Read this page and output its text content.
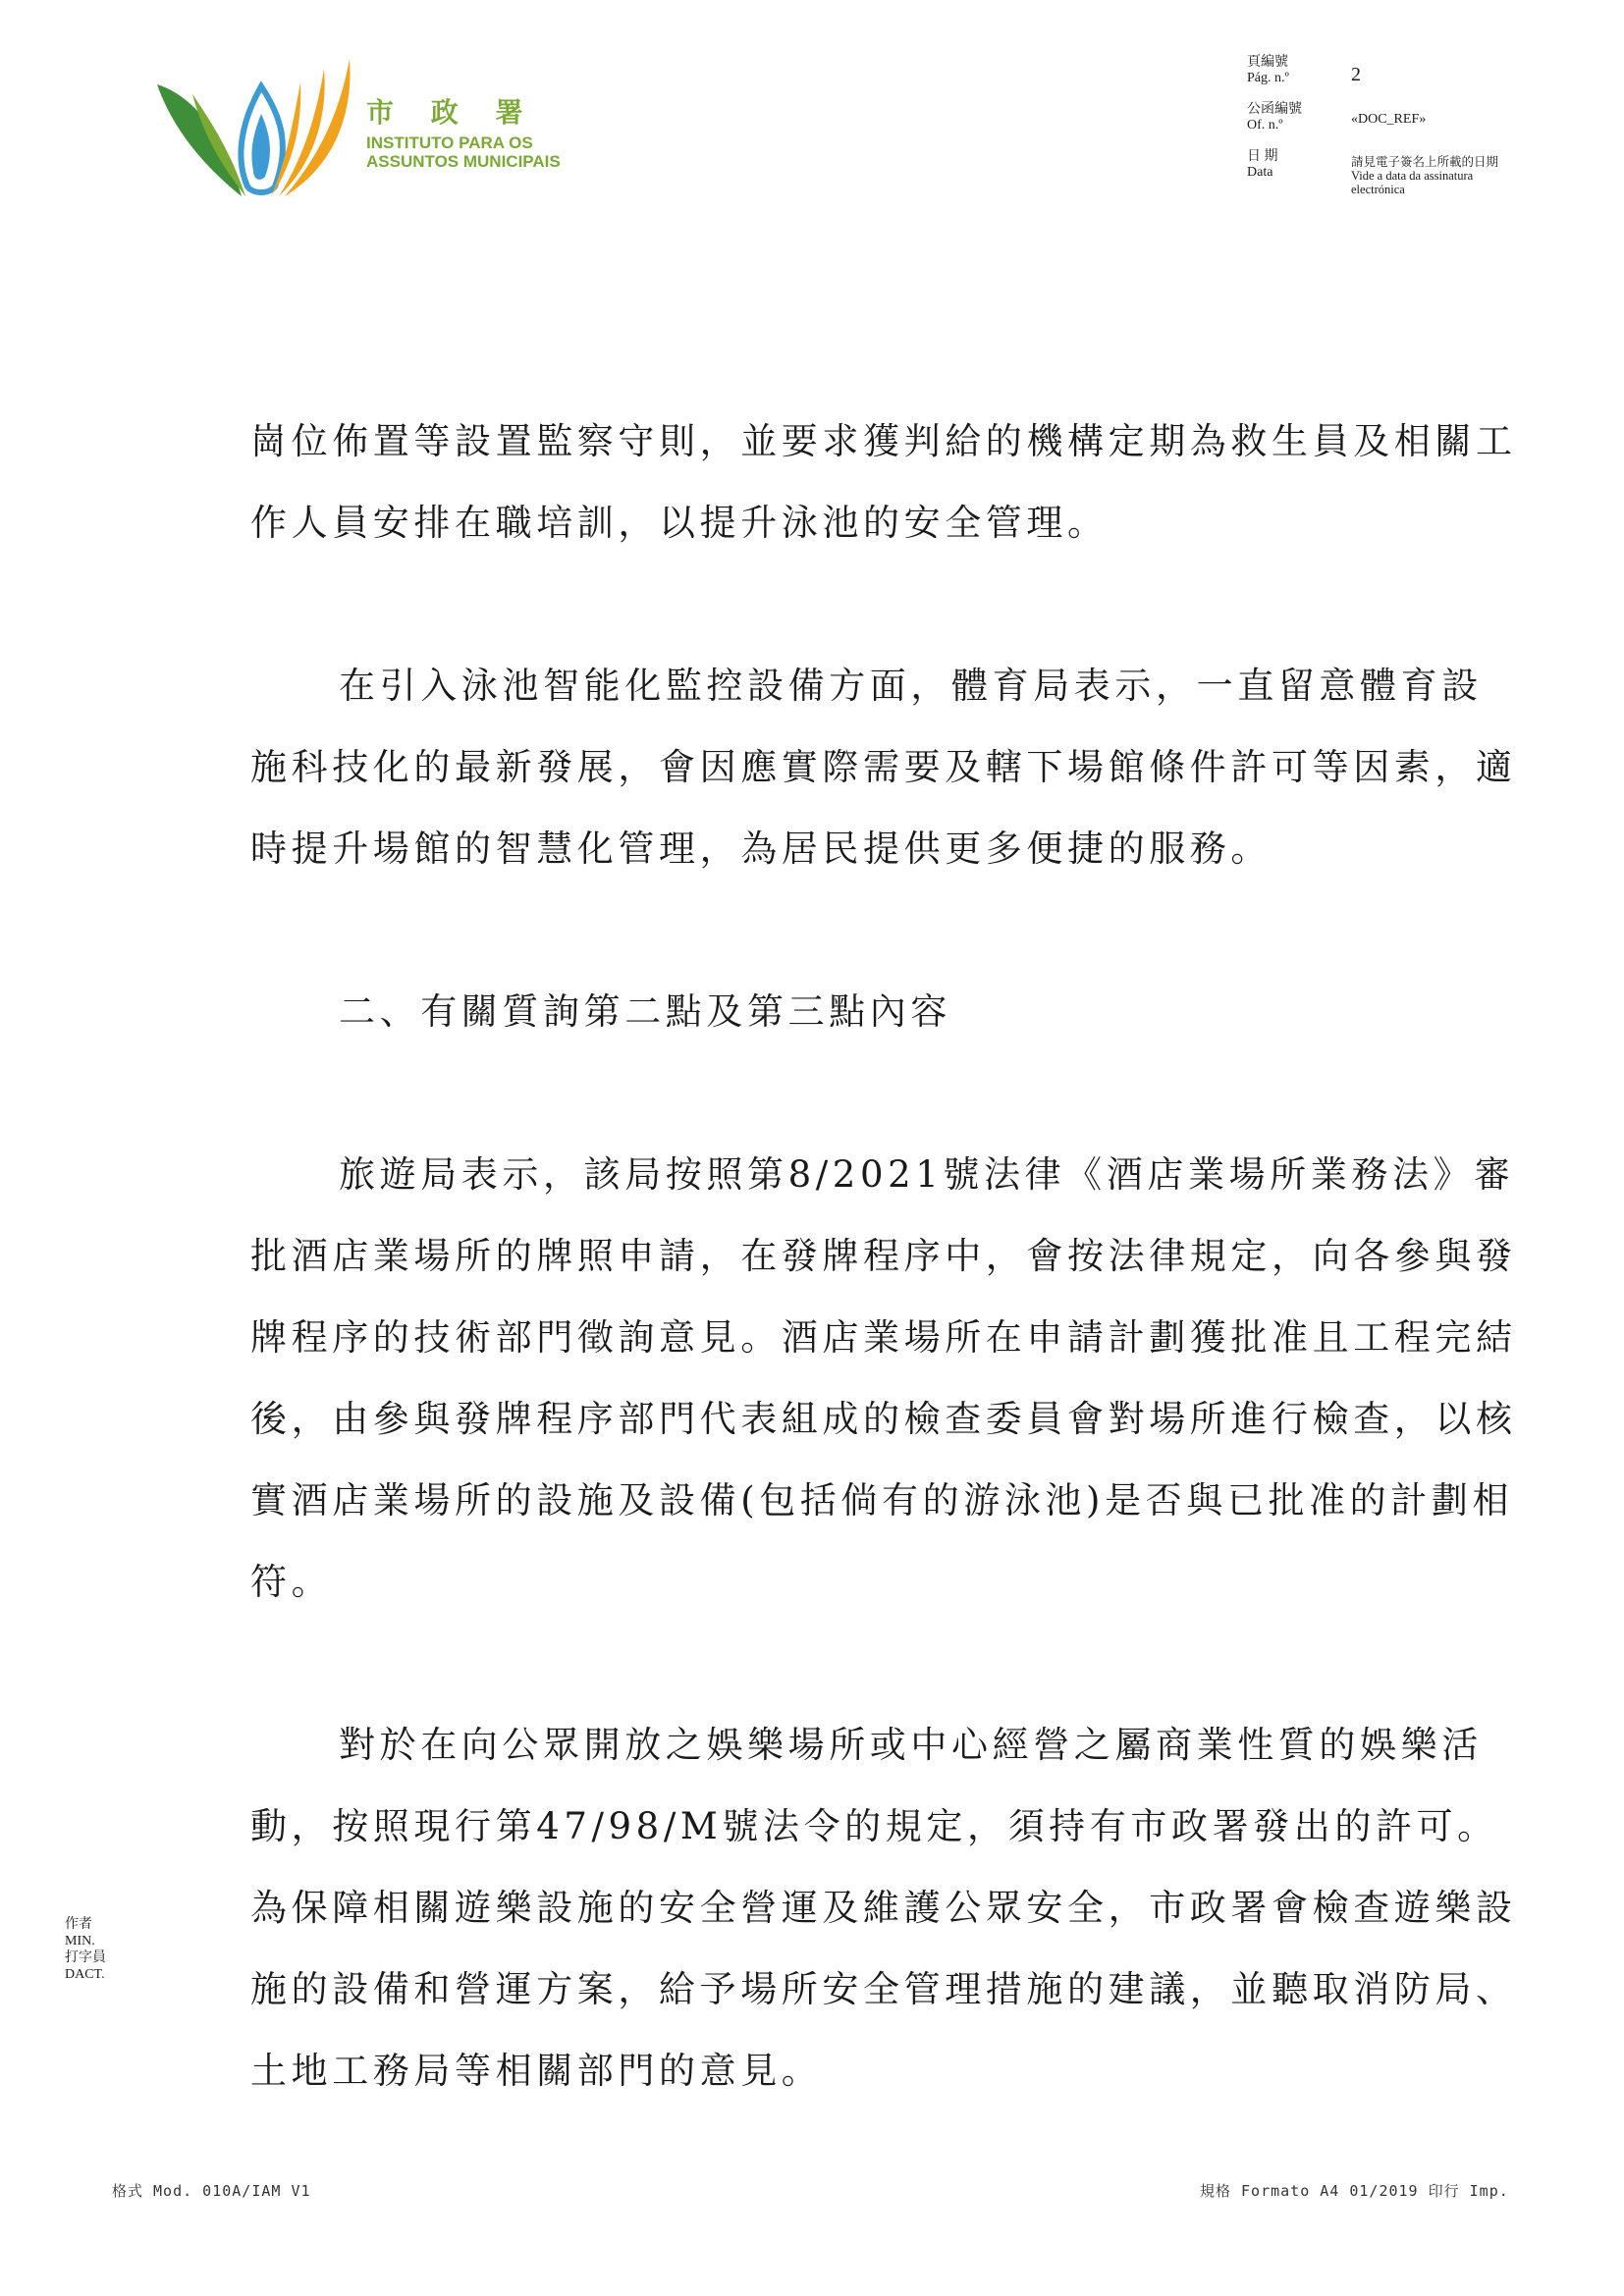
市 政 署
INSTITUTO PARA OS
ASSUNTOS MUNICIPAIS
頁編號
Pág. n.º	2
公函編號
Of. n.º	«DOC_REF»
日 期
Data
請見電子簽名上所載的日期
Vide a data da assinatura
electrónica

崗位佈置等設置監察守則，並要求獲判給的機構定期為救生員及相關工作人員安排在職培訓，以提升泳池的安全管理。

在引入泳池智能化監控設備方面，體育局表示，一直留意體育設施科技化的最新發展，會因應實際需要及轄下場館條件許可等因素，適時提升場館的智慧化管理，為居民提供更多便捷的服務。

二、有關質詢第二點及第三點內容

旅遊局表示，該局按照第8/2021號法律《酒店業場所業務法》審批酒店業場所的牌照申請，在發牌程序中，會按法律規定，向各參與發牌程序的技術部門徵詢意見。酒店業場所在申請計劃獲批准且工程完結後，由參與發牌程序部門代表組成的檢查委員會對場所進行檢查，以核實酒店業場所的設施及設備(包括倘有的游泳池)是否與已批准的計劃相符。

對於在向公眾開放之娛樂場所或中心經營之屬商業性質的娛樂活動，按照現行第47/98/M號法令的規定，須持有市政署發出的許可。為保障相關遊樂設施的安全營運及維護公眾安全，市政署會檢查遊樂設施的設備和營運方案，給予場所安全管理措施的建議，並聽取消防局、土地工務局等相關部門的意見。

作者
MIN.
打字員
DACT.
格式 Mod. 010A/IAM V1	規格 Formato A4 01/2019 印行 Imp.
